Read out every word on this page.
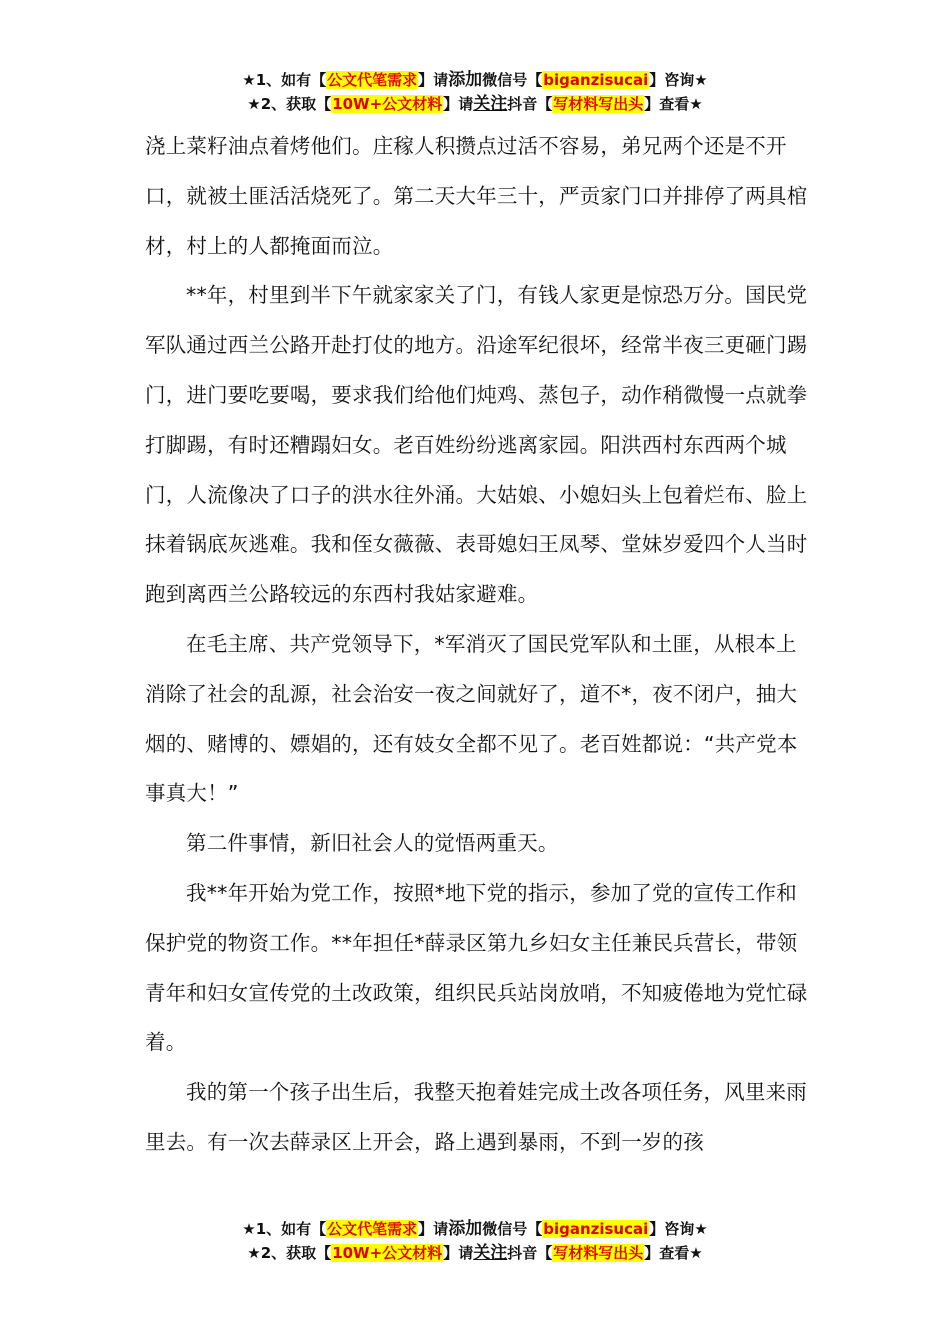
★1、如有【公文代笔需求】请添加微信号【biganzisucai】咨询★
★2、获取【10W+公文材料】请关注抖音【写材料写出头】查看★

浇上菜籽油点着烤他们。庄稼人积攒点过活不容易，弟兄两个还是不开口，就被土匪活活烧死了。第二天大年三十，严贡家门口并排停了两具棺材，村上的人都掩面而泣。

**年，村里到半下午就家家关了门，有钱人家更是惊恐万分。国民党军队通过西兰公路开赴打仗的地方。沿途军纪很坏，经常半夜三更砸门踢门，进门要吃要喝，要求我们给他们炖鸡、蒸包子，动作稍微慢一点就拳打脚踢，有时还糟蹋妇女。老百姓纷纷逃离家园。阳洪西村东西两个城门，人流像决了口子的洪水往外涌。大姑娘、小媳妇头上包着烂布、脸上抹着锅底灰逃难。我和侄女薇薇、表哥媳妇王凤琴、堂妹岁爱四个人当时跑到离西兰公路较远的东西村我姑家避难。

在毛主席、共产党领导下，*军消灭了国民党军队和土匪，从根本上消除了社会的乱源，社会治安一夜之间就好了，道不*，夜不闭户，抽大烟的、赌博的、嫖娼的，还有妓女全都不见了。老百姓都说：“共产党本事真大！”

第二件事情，新旧社会人的觉悟两重天。

我**年开始为党工作，按照*地下党的指示，参加了党的宣传工作和保护党的物资工作。**年担任*薛录区第九乡妇女主任兼民兵营长，带领青年和妇女宣传党的土改政策，组织民兵站岗放哨，不知疲倦地为党忙碌着。

我的第一个孩子出生后，我整天抱着娃完成土改各项任务，风里来雨里去。有一次去薛录区上开会，路上遇到暴雨，不到一岁的孩

★1、如有【公文代笔需求】请添加微信号【biganzisucai】咨询★
★2、获取【10W+公文材料】请关注抖音【写材料写出头】查看★
